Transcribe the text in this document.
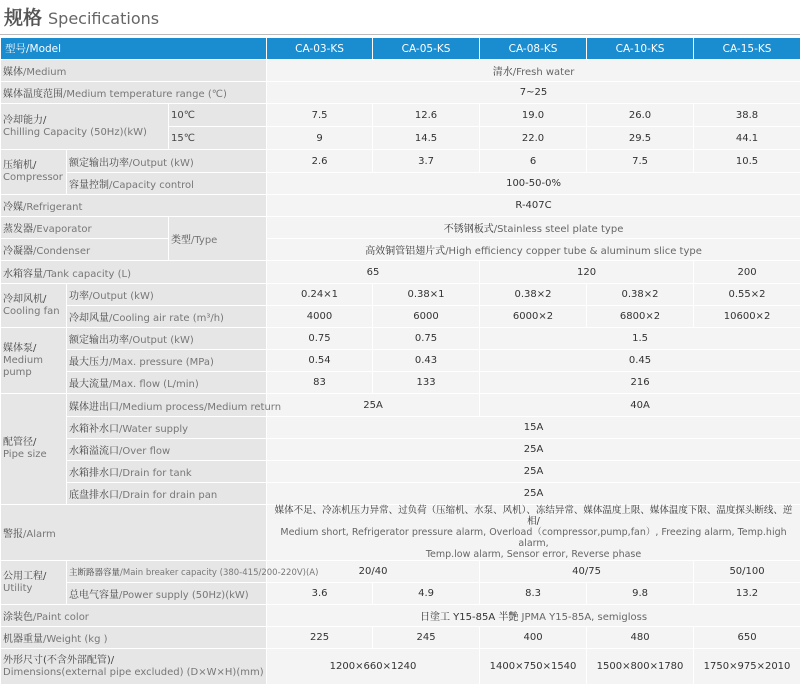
规格 Specifications
型号/Model			CA-03-KS	CA-05-KS	CA-08-KS	CA-10-KS	CA-15-KS
媒体/Medium			清水/Fresh water				
媒体温度范围/Medium temperature range (℃)			7~25				
冷却能力/
Chilling Capacity (50Hz)(kW)		10℃	7.5	12.6	19.0	26.0	38.8
		15℃	9	14.5	22.0	29.5	44.1
压缩机/
Compressor	额定输出功率/Output (kW)		2.6	3.7	6	7.5	10.5
	容量控制/Capacity control		100-50-0%				
冷媒/Refrigerant			R-407C				
蒸发器/Evaporator		类型/Type	不锈钢板式/Stainless steel plate type				
冷凝器/Condenser			高效铜管铝翅片式/High efficiency copper tube & aluminum slice type				
水箱容量/Tank capacity (L)			65		120		200
冷却风机/
Cooling fan	功率/Output (kW)		0.24×1	0.38×1	0.38×2	0.38×2	0.55×2
	冷却风量/Cooling air rate (m³/h)		4000	6000	6000×2	6800×2	10600×2
媒体泵/
Medium
pump	额定输出功率/Output (kW)		0.75	0.75	1.5		
	最大压力/Max. pressure (MPa)		0.54	0.43	0.45		
	最大流量/Max. flow (L/min)		83	133	216		
配管径/
Pipe size	媒体进出口/Medium process/Medium return		25A		40A		
	水箱补水口/Water supply		15A				
	水箱溢流口/Over flow		25A				
	水箱排水口/Drain for tank		25A				
	底盘排水口/Drain for drain pan		25A				
警报/Alarm			媒体不足、冷冻机压力异常、过负荷（压缩机、水泵、风机）、冻结异常、媒体温度上限、媒体温度下限、温度探头断线、逆相/
Medium short, Refrigerator pressure alarm, Overload（compressor,pump,fan）, Freezing alarm, Temp.high alarm,
Temp.low alarm, Sensor error, Reverse phase				
公用工程/
Utility	主断路器容量/Main breaker capacity (380-415/200-220V)(A)		20/40		40/75		50/100
	总电气容量/Power supply (50Hz)(kW)		3.6	4.9	8.3	9.8	13.2
涂装色/Paint color			日塗工 Y15-85A 半艶 JPMA Y15-85A, semigloss				
机器重量/Weight (kg )			225	245	400	480	650
外形尺寸(不含外部配管)/
Dimensions(external pipe excluded) (D×W×H)(mm)			1200×660×1240		1400×750×1540	1500×800×1780	1750×975×2010
